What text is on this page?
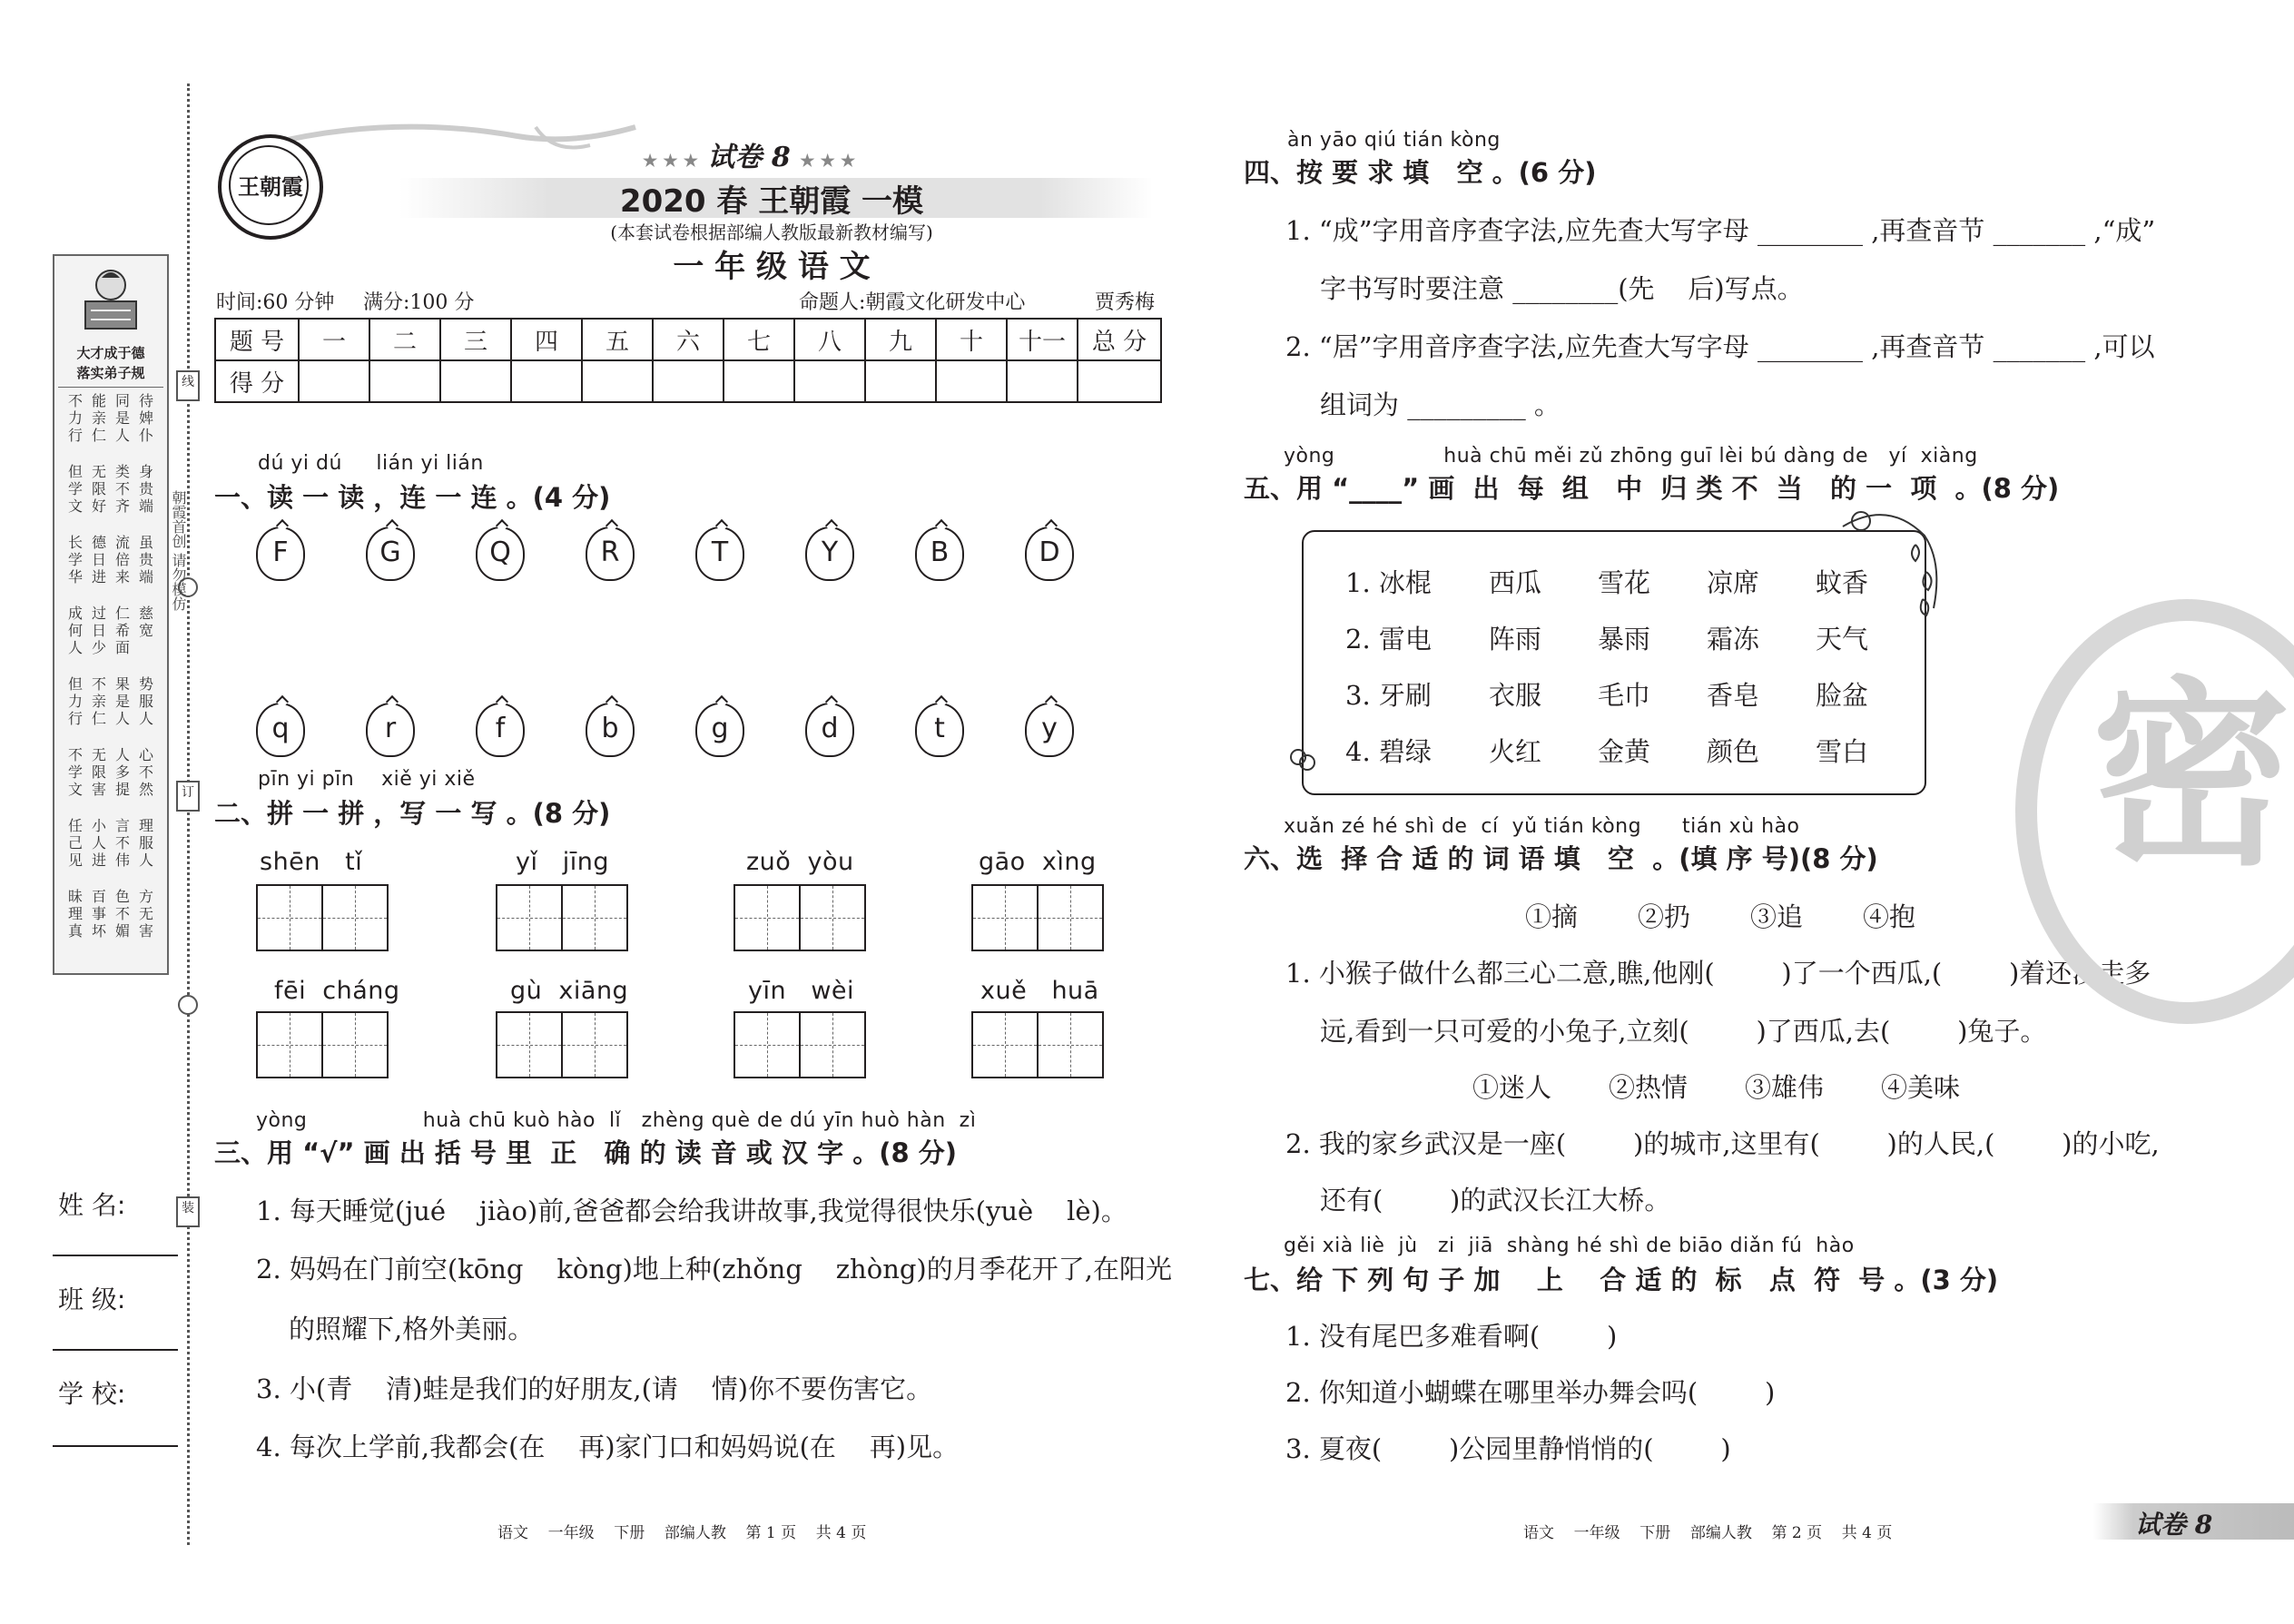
线
订
装
朝霞首创 请勿模仿
大才成于德
落实弟子规
不力行
能亲仁
同是人
待婢仆
但学文
无限好
类不齐
身贵端
长学华
德日进
流倍来
虽贵端
成何人
过日少
仁希面
慈宽
但力行
不亲仁
果是人
势服人
不学文
无限害
人多提
心不然
任己见
小人进
言不伟
理服人
昧理真
百事坏
色不媚
方无害
姓 名:
班 级:
学 校:
王朝霞
★ ★ ★ 试卷 8 ★ ★ ★
2020 春 王朝霞 一模
(本套试卷根据部编人教版最新教材编写)
一 年 级 语 文
时间:60 分钟 满分:100 分	命题人:朝霞文化研发中心	贾秀梅
题 号	一	二	三	四	五	六	七	八	九	十	十一	总 分
得 分												
dú yi dú     lián yi lián
一、读 一 读 ，连 一 连 。(4 分)
F	G	Q	R	T	Y	B	D
q	r	f	b	g	d	t	y
pīn yi pīn    xiě yi xiě
二、拼 一 拼 ，写 一 写 。(8 分)
shēn   tǐ	yǐ   jīng	zuǒ  yòu	gāo  xìng
fēi  cháng	gù  xiāng	yīn   wèi	xuě   huā
yòng                 huà chū kuò hào  lǐ   zhèng què de dú yīn huò hàn  zì
三、用 “√” 画 出 括 号 里  正   确 的 读 音 或 汉 字 。(8 分)
1. 每天睡觉(jué    jiào)前,爸爸都会给我讲故事,我觉得很快乐(yuè    lè)。
2. 妈妈在门前空(kōng    kòng)地上种(zhǒng    zhòng)的月季花开了,在阳光
的照耀下,格外美丽。
3. 小(青    清)蛙是我们的好朋友,(请    情)你不要伤害它。
4. 每次上学前,我都会(在    再)家门口和妈妈说(在    再)见。
语文    一年级    下册    部编人教    第 1 页    共 4 页
àn yāo qiú tián kòng
四、按 要 求 填   空 。(6 分)
1. “成”字用音序查字法,应先查大写字母 ________ ,再查音节 _______ ,“成”
字书写时要注意 ________(先    后)写点。
2. “居”字用音序查字法,应先查大写字母 ________ ,再查音节 _______ ,可以
组词为 _________ 。
yòng                huà chū měi zǔ zhōng guī lèi bú dàng de   yí  xiàng
五、用 “____” 画  出  每  组   中  归 类 不  当   的 一  项  。(8 分)
1. 冰棍 西瓜 雪花 凉席 蚊香
2. 雷电 阵雨 暴雨 霜冻 天气
3. 牙刷 衣服 毛巾 香皂 脸盆
4. 碧绿 火红 金黄 颜色 雪白
xuǎn zé hé shì de  cí  yǔ tián kòng      tián xù hào
六、选  择 合 适 的 词 语 填   空  。(填 序 号)(8 分)
①摘 ②扔 ③追 ④抱
1. 小猴子做什么都三心二意,瞧,他刚(        )了一个西瓜,(        )着还没走多
远,看到一只可爱的小兔子,立刻(        )了西瓜,去(        )兔子。
①迷人 ②热情 ③雄伟 ④美味
2. 我的家乡武汉是一座(        )的城市,这里有(        )的人民,(        )的小吃,
还有(        )的武汉长江大桥。
gěi xià liè  jù   zi  jiā  shàng hé shì de biāo diǎn fú  hào
七、给 下 列 句 子 加    上    合 适 的  标   点  符  号 。(3 分)
1. 没有尾巴多难看啊(        )
2. 你知道小蝴蝶在哪里举办舞会吗(        )
3. 夏夜(        )公园里静悄悄的(        )
密
语文    一年级    下册    部编人教    第 2 页    共 4 页	试卷 8
